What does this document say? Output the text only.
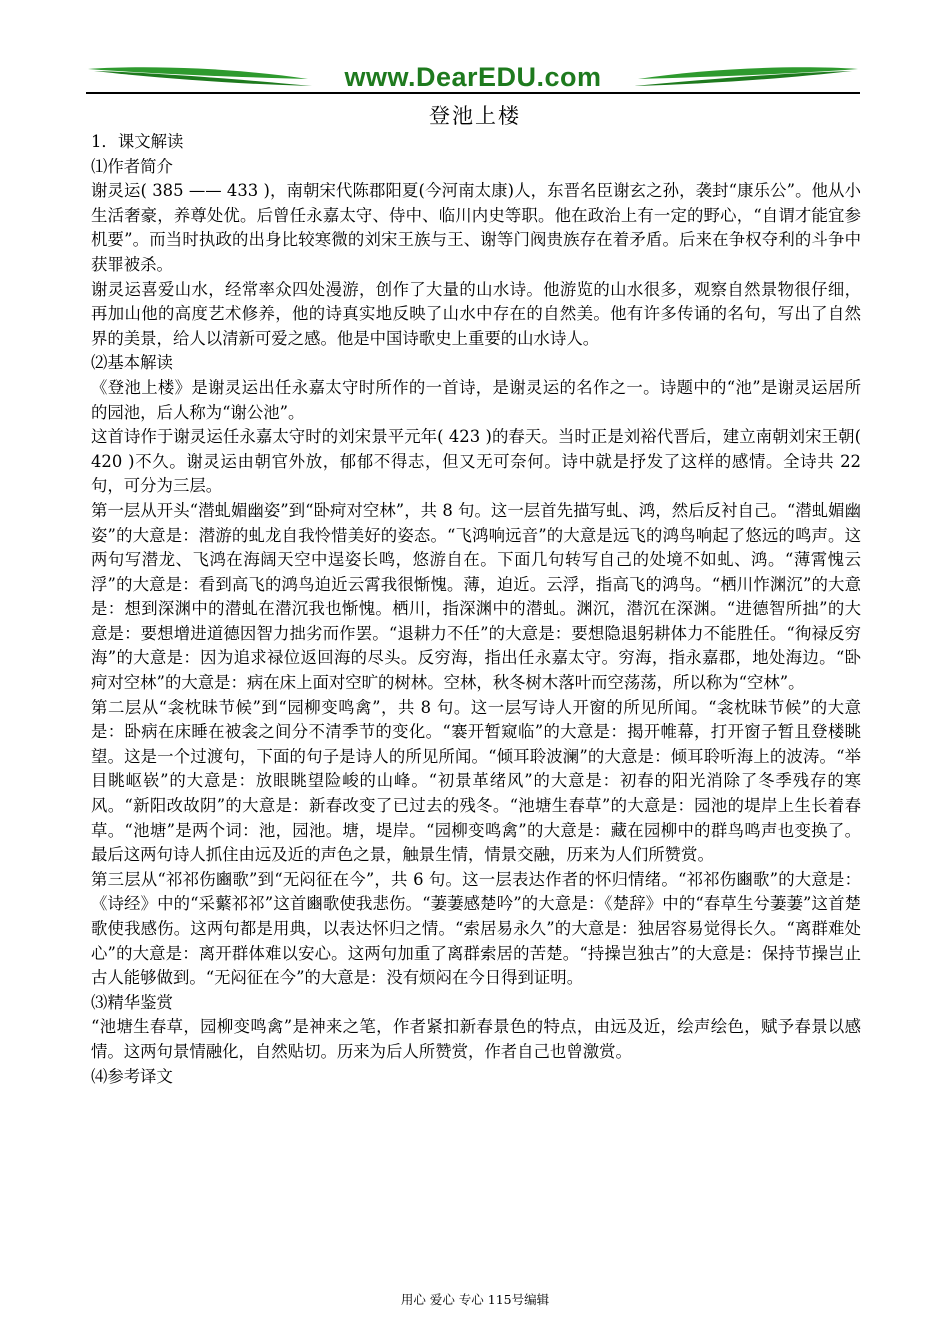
www.DearEDU.com
登池上楼

1．课文解读

⑴作者简介

谢灵运( 385 —— 433 )，南朝宋代陈郡阳夏(今河南太康)人，东晋名臣谢玄之孙，袭封“康乐公”。他从小生活奢豪，养尊处优。后曾任永嘉太守、侍中、临川内史等职。他在政治上有一定的野心，“自谓才能宜参机要”。而当时执政的出身比较寒微的刘宋王族与王、谢等门阀贵族存在着矛盾。后来在争权夺利的斗争中获罪被杀。

谢灵运喜爱山水，经常率众四处漫游，创作了大量的山水诗。他游览的山水很多，观察自然景物很仔细，再加山他的高度艺术修养，他的诗真实地反映了山水中存在的自然美。他有许多传诵的名句，写出了自然界的美景，给人以清新可爱之感。他是中国诗歌史上重要的山水诗人。

⑵基本解读

《登池上楼》是谢灵运出任永嘉太守时所作的一首诗，是谢灵运的名作之一。诗题中的“池”是谢灵运居所的园池，后人称为“谢公池”。

这首诗作于谢灵运任永嘉太守时的刘宋景平元年( 423 )的春天。当时正是刘裕代晋后，建立南朝刘宋王朝( 420 )不久。谢灵运由朝官外放，郁郁不得志，但又无可奈何。诗中就是抒发了这样的感情。全诗共 22 句，可分为三层。

第一层从开头“潜虬媚幽姿”到“卧疴对空林”，共 8 句。这一层首先描写虬、鸿，然后反衬自己。“潜虬媚幽姿”的大意是：潜游的虬龙自我怜惜美好的姿态。“飞鸿响远音”的大意是远飞的鸿鸟响起了悠远的鸣声。这两句写潜龙、飞鸿在海阔天空中逞姿长鸣，悠游自在。下面几句转写自己的处境不如虬、鸿。“薄霄愧云浮”的大意是：看到高飞的鸿鸟迫近云霄我很惭愧。薄，迫近。云浮，指高飞的鸿鸟。“栖川怍渊沉”的大意是：想到深渊中的潜虬在潜沉我也惭愧。栖川，指深渊中的潜虬。渊沉，潜沉在深渊。“进德智所拙”的大意是：要想增进道德因智力拙劣而作罢。“退耕力不任”的大意是：要想隐退躬耕体力不能胜任。“徇禄反穷海”的大意是：因为追求禄位返回海的尽头。反穷海，指出任永嘉太守。穷海，指永嘉郡，地处海边。“卧疴对空林”的大意是：病在床上面对空旷的树林。空林，秋冬树木落叶而空荡荡，所以称为“空林”。

第二层从“衾枕昧节候”到“园柳变鸣禽”，共 8 句。这一层写诗人开窗的所见所闻。“衾枕昧节候”的大意是：卧病在床睡在被衾之间分不清季节的变化。“褰开暂窥临”的大意是：揭开帷幕，打开窗子暂且登楼眺望。这是一个过渡句，下面的句子是诗人的所见所闻。“倾耳聆波澜”的大意是：倾耳聆听海上的波涛。“举目眺岖嵚”的大意是：放眼眺望险峻的山峰。“初景革绪风”的大意是：初春的阳光消除了冬季残存的寒风。“新阳改故阴”的大意是：新春改变了已过去的残冬。“池塘生春草”的大意是：园池的堤岸上生长着春草。“池塘”是两个词：池，园池。塘，堤岸。“园柳变鸣禽”的大意是：藏在园柳中的群鸟鸣声也变换了。最后这两句诗人抓住由远及近的声色之景，触景生情，情景交融，历来为人们所赞赏。

第三层从“祁祁伤豳歌”到“无闷征在今”，共 6 句。这一层表达作者的怀归情绪。“祁祁伤豳歌”的大意是：《诗经》中的“采蘩祁祁”这首豳歌使我悲伤。“萋萋感楚吟”的大意是：《楚辞》中的“春草生兮萋萋”这首楚歌使我感伤。这两句都是用典，以表达怀归之情。“索居易永久”的大意是：独居容易觉得长久。“离群难处心”的大意是：离开群体难以安心。这两句加重了离群索居的苦楚。“持操岂独古”的大意是：保持节操岂止古人能够做到。“无闷征在今”的大意是：没有烦闷在今日得到证明。

⑶精华鉴赏

“池塘生春草，园柳变鸣禽”是神来之笔，作者紧扣新春景色的特点，由远及近，绘声绘色，赋予春景以感情。这两句景情融化，自然贴切。历来为后人所赞赏，作者自己也曾激赏。

⑷参考译文

用心 爱心 专心 115号编辑
